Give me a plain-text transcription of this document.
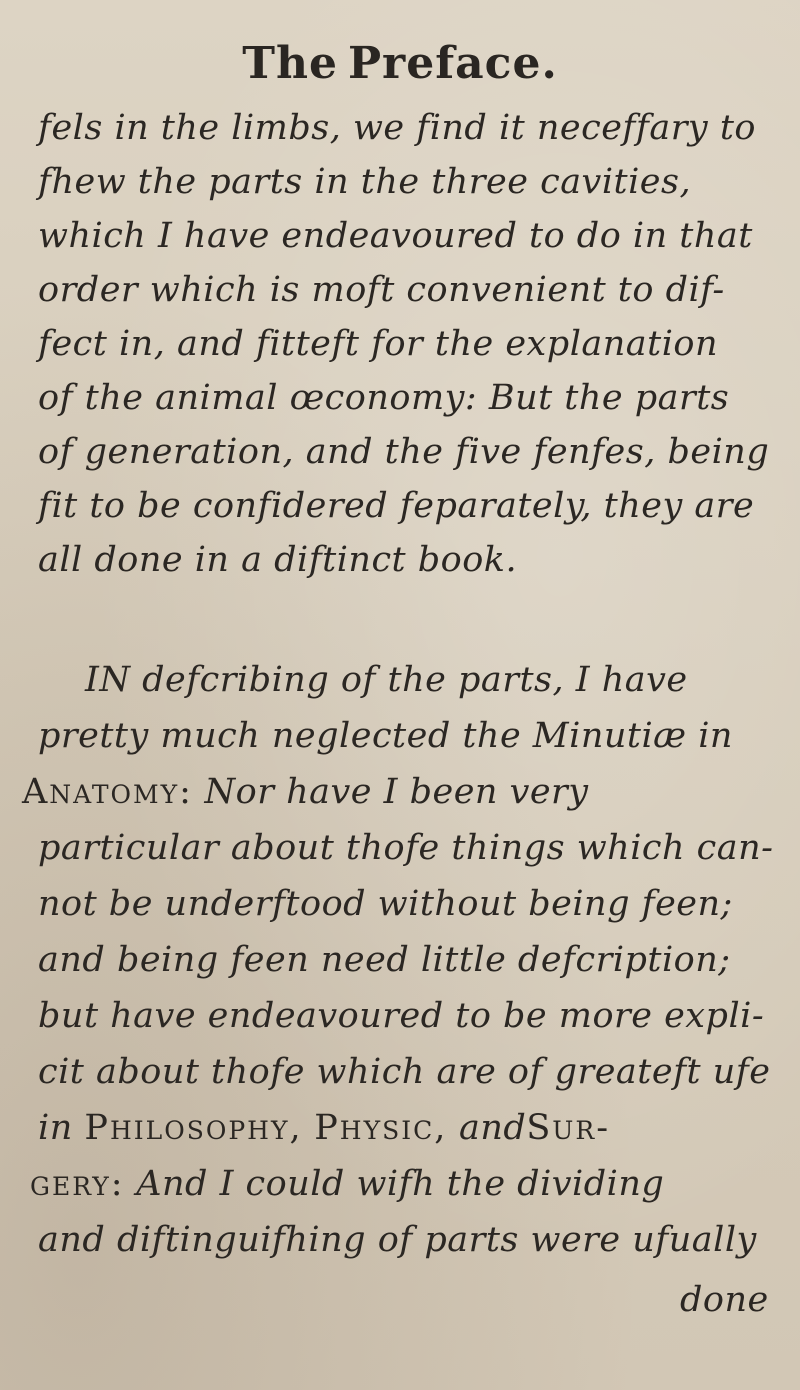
The Preface.
fels in the limbs, we find it neceffary to
fhew the parts in the three cavities,
which I have endeavoured to do in that
order which is moft convenient to dif-
fect in, and fitteft for the explanation
of the animal œconomy: But the parts
of generation, and the five fenfes, being
fit to be confidered feparately, they are
all done in a diftinct book.
IN defcribing of the parts, I have
pretty much neglected the Minutiæ in
Anatomy: Nor have I been very
particular about thofe things which can-
not be underftood without being feen;
and being feen need little defcription;
but have endeavoured to be more expli-
cit about thofe which are of greateft ufe
in Philosophy, Physic, andSur-
gery: And I could wifh the dividing
and diftinguifhing of parts were ufually
done
